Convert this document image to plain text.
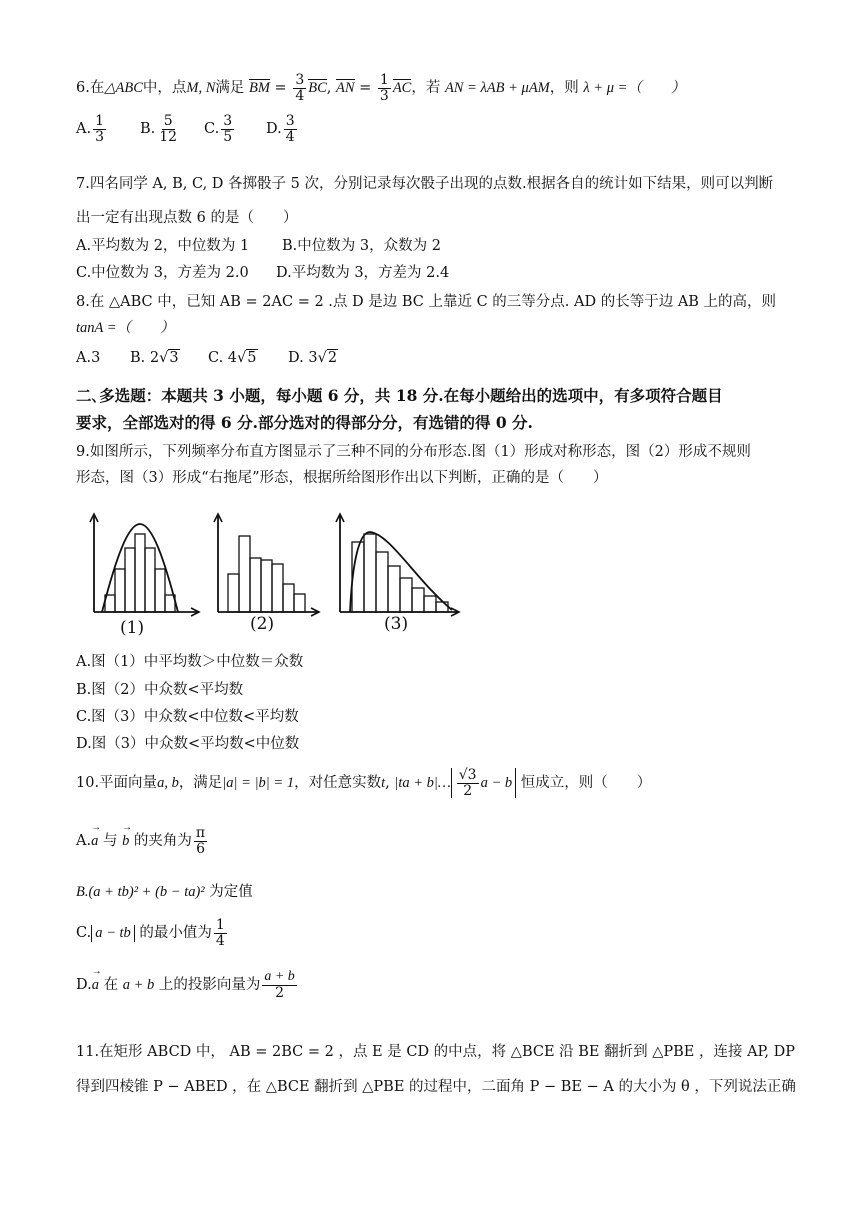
6.在△ABC中，点M, N满足 BM = $\frac{3}{4}$ BC, AN = $\frac{1}{3}$ AC，若 AN = λAB + μAM，则 λ + μ =（　　）
A. $\frac{1}{3} B$. $\frac{5}{12} C$. $\frac{3}{5} D$. $\frac{3}{4}$
7.四名同学 A, B, C, D 各掷骰子 5 次，分别记录每次骰子出现的点数.根据各自的统计如下结果，则可以判断
出一定有出现点数 6 的是（　　）
A.平均数为 2，中位数为 1 B.中位数为 3，众数为 2
C.中位数为 3，方差为 2.0 D.平均数为 3，方差为 2.4
8.在 △ABC 中，已知 AB = 2AC = 2 .点 D 是边 BC 上靠近 C 的三等分点. AD 的长等于边 AB 上的高，则
tanA =（　　）
A.3 B. 2√3 C. 4√5 D. 3√2
二､多选题：本题共 3 小题，每小题 6 分，共 18 分.在每小题给出的选项中，有多项符合题目
要求，全部选对的得 6 分.部分选对的得部分分，有选错的得 0 分.
9.如图所示，下列频率分布直方图显示了三种不同的分布形态.图（1）形成对称形态，图（2）形成不规则
形态，图（3）形成“右拖尾”形态，根据所给图形作出以下判断，正确的是（　　）
(1)	(2)	(3)
A.图（1）中平均数＞中位数＝众数
B.图（2）中众数<平均数
C.图（3）中众数<中位数<平均数
D.图（3）中众数<平均数<中位数
10.平面向量a, b，满足|a| = |b| = 1，对任意实数t, |ta + b|… $\frac{√3}{2}$ a − b 恒成立，则（　　）
A.→ a 与 → b 的夹角为 $\frac{\pi}{6}$
B.(a + tb)² + (b − ta)² 为定值
C. a − tb 的最小值为 $\frac{1}{4}$
D.→ a 在 a + b 上的投影向量为 $\frac{a + b}{2}$
11.在矩形 ABCD 中， AB = 2BC = 2 ，点 E 是 CD 的中点，将 △BCE 沿 BE 翻折到 △PBE ，连接 AP, DP
得到四棱锥 P − ABED ，在 △BCE 翻折到 △PBE 的过程中，二面角 P − BE − A 的大小为 θ ，下列说法正确
